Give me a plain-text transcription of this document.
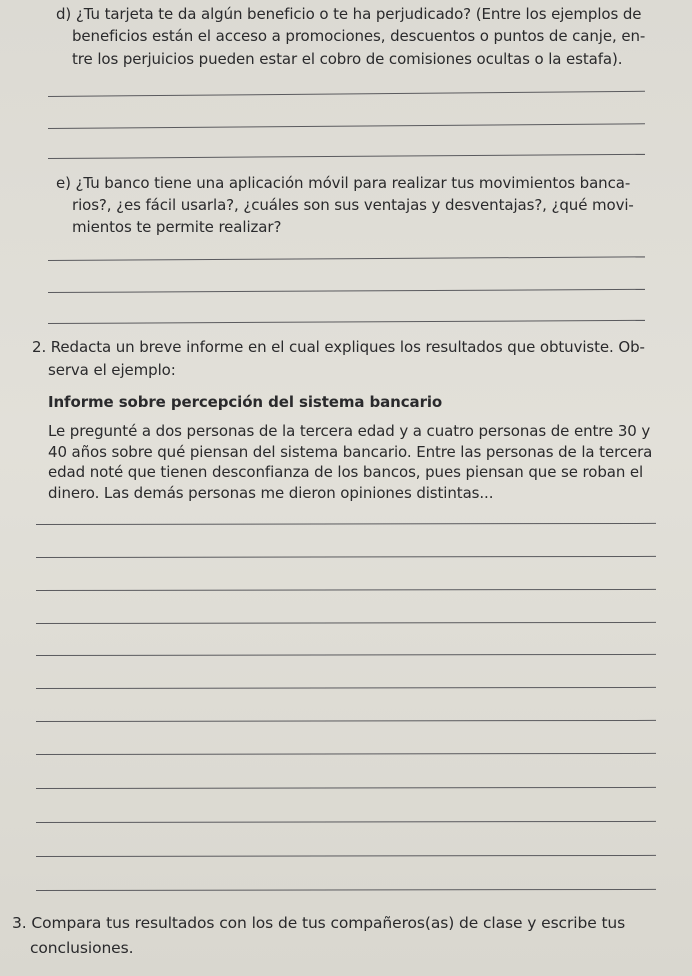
d) ¿Tu tarjeta te da algún beneficio o te ha perjudicado? (Entre los ejemplos de
beneficios están el acceso a promociones, descuentos o puntos de canje, en-
tre los perjuicios pueden estar el cobro de comisiones ocultas o la estafa).
e) ¿Tu banco tiene una aplicación móvil para realizar tus movimientos banca-
rios?, ¿es fácil usarla?, ¿cuáles son sus ventajas y desventajas?, ¿qué movi-
mientos te permite realizar?
2. Redacta un breve informe en el cual expliques los resultados que obtuviste. Ob-
serva el ejemplo:
Informe sobre percepción del sistema bancario
Le pregunté a dos personas de la tercera edad y a cuatro personas de entre 30 y
40 años sobre qué piensan del sistema bancario. Entre las personas de la tercera
edad noté que tienen desconfianza de los bancos, pues piensan que se roban el
dinero. Las demás personas me dieron opiniones distintas...
3. Compara tus resultados con los de tus compañeros(as) de clase y escribe tus
conclusiones.
